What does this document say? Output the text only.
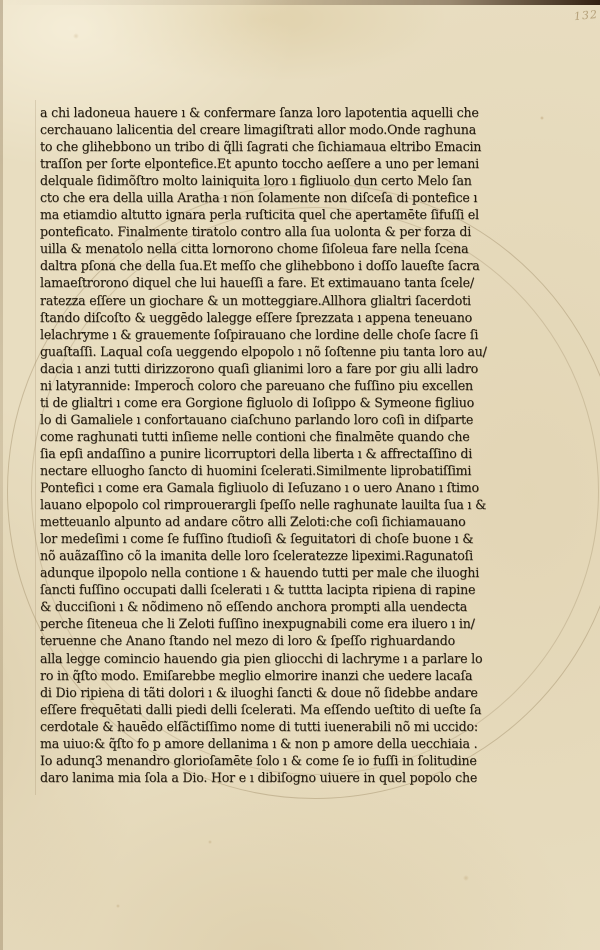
132
a chi ladoneua hauere ı & confermare ſanza loro lapotentia aquelli che
cerchauano lalicentia del creare limagiſtrati allor modo.Onde raghuna
to che glihebbono un tribo di q̃lli ſagrati che ſichiamaua eltribo Emacin
traſſon per ſorte elpontefice.Et apunto toccho aeſſere a uno per lemani
delquale ſidimõſtro molto lainiquita loro ı figliuolo dun certo Melo ſan
cto che era della uilla Aratha ı non ſolamente non diſceſa di pontefice ı
ma etiamdio altutto ignara perla ruſticita quel che apertamēte ſifuſſi el
ponteficato. Finalmente tiratolo contro alla ſua uolonta & per forza di
uilla & menatolo nella citta lornorono chome ſiſoleua fare nella ſcena
daltra pſona che della ſua.Et meſſo che glihebbono i doſſo laueſte ſacra
lamaeſtrorono diquel che lui haueſſi a fare. Et extimauano tanta ſcele/
ratezza eſſere un giochare & un motteggiare.Allhora glialtri ſacerdoti
ſtando diſcoſto & ueggēdo lalegge eſſere ſprezzata ı appena teneuano
lelachryme ı & grauemente ſoſpirauano che lordine delle choſe ſacre ſi
guaſtaſſi. Laqual coſa ueggendo elpopolo ı nõ ſoſtenne piu tanta loro au/
dacia ı anzi tutti dirizzorono quaſi glianimi loro a fare por giu alli ladro
ni latyrannide: Imperoch̄ coloro che pareuano che fuſſino piu excellen
ti de glialtri ı come era Gorgione figluolo di Ioſippo & Symeone figliuo
lo di Gamaliele ı confortauano ciaſchuno parlando loro coſi in diſparte
come raghunati tutti inſieme nelle contioni che finalmēte quando che
ſia epſi andaſſino a punire licorruptori della liberta ı & affrectaſſino di
nectare elluogho ſancto di huomini ſcelerati.Similmente liprobatiſſimi
Pontefici ı come era Gamala figliuolo di Ieſuzano ı o uero Anano ı ſtimo
lauano elpopolo col rimprouerargli ſpeſſo nelle raghunate lauilta ſua ı &
metteuanlo alpunto ad andare cõtro alli Zeloti:che coſi ſichiamauano
lor medeſimi ı come ſe fuſſino ſtudioſi & ſeguitatori di choſe buone ı &
nõ auãzaſſino cõ la imanita delle loro ſceleratezze lipeximi.Ragunatoſi
adunque ilpopolo nella contione ı & hauendo tutti per male che iluoghi
ſancti fuſſino occupati dalli ſcelerati ı & tuttta lacipta ripiena di rapine
& ducciſioni ı & nõdimeno nõ eſſendo anchora prompti alla uendecta
perche ſiteneua che li Zeloti fuſſino inexpugnabili come era iluero ı in/
teruenne che Anano ſtando nel mezo di loro & ſpeſſo righuardando
alla legge comincio hauendo gia pien gliocchi di lachryme ı a parlare lo
ro in q̃ſto modo. Emiſarebbe meglio elmorire inanzi che uedere lacaſa
di Dio ripiena di tãti dolori ı & iluoghi ſancti & doue nõ ſidebbe andare
eſſere frequētati dalli piedi delli ſcelerati. Ma eſſendo ueſtito di ueſte ſa
cerdotale & hauēdo elſãctiſſimo nome di tutti iuenerabili nõ mi uccido:
ma uiuo:& q̃ſto fo p amore dellanima ı & non p amore della uecchiaia .
Io adunq3 menandro glorioſamēte ſolo ı & come ſe io fuſſi in ſolitudine
daro lanima mia ſola a Dio. Hor e ı dibiſogno uiuere in quel popolo che
